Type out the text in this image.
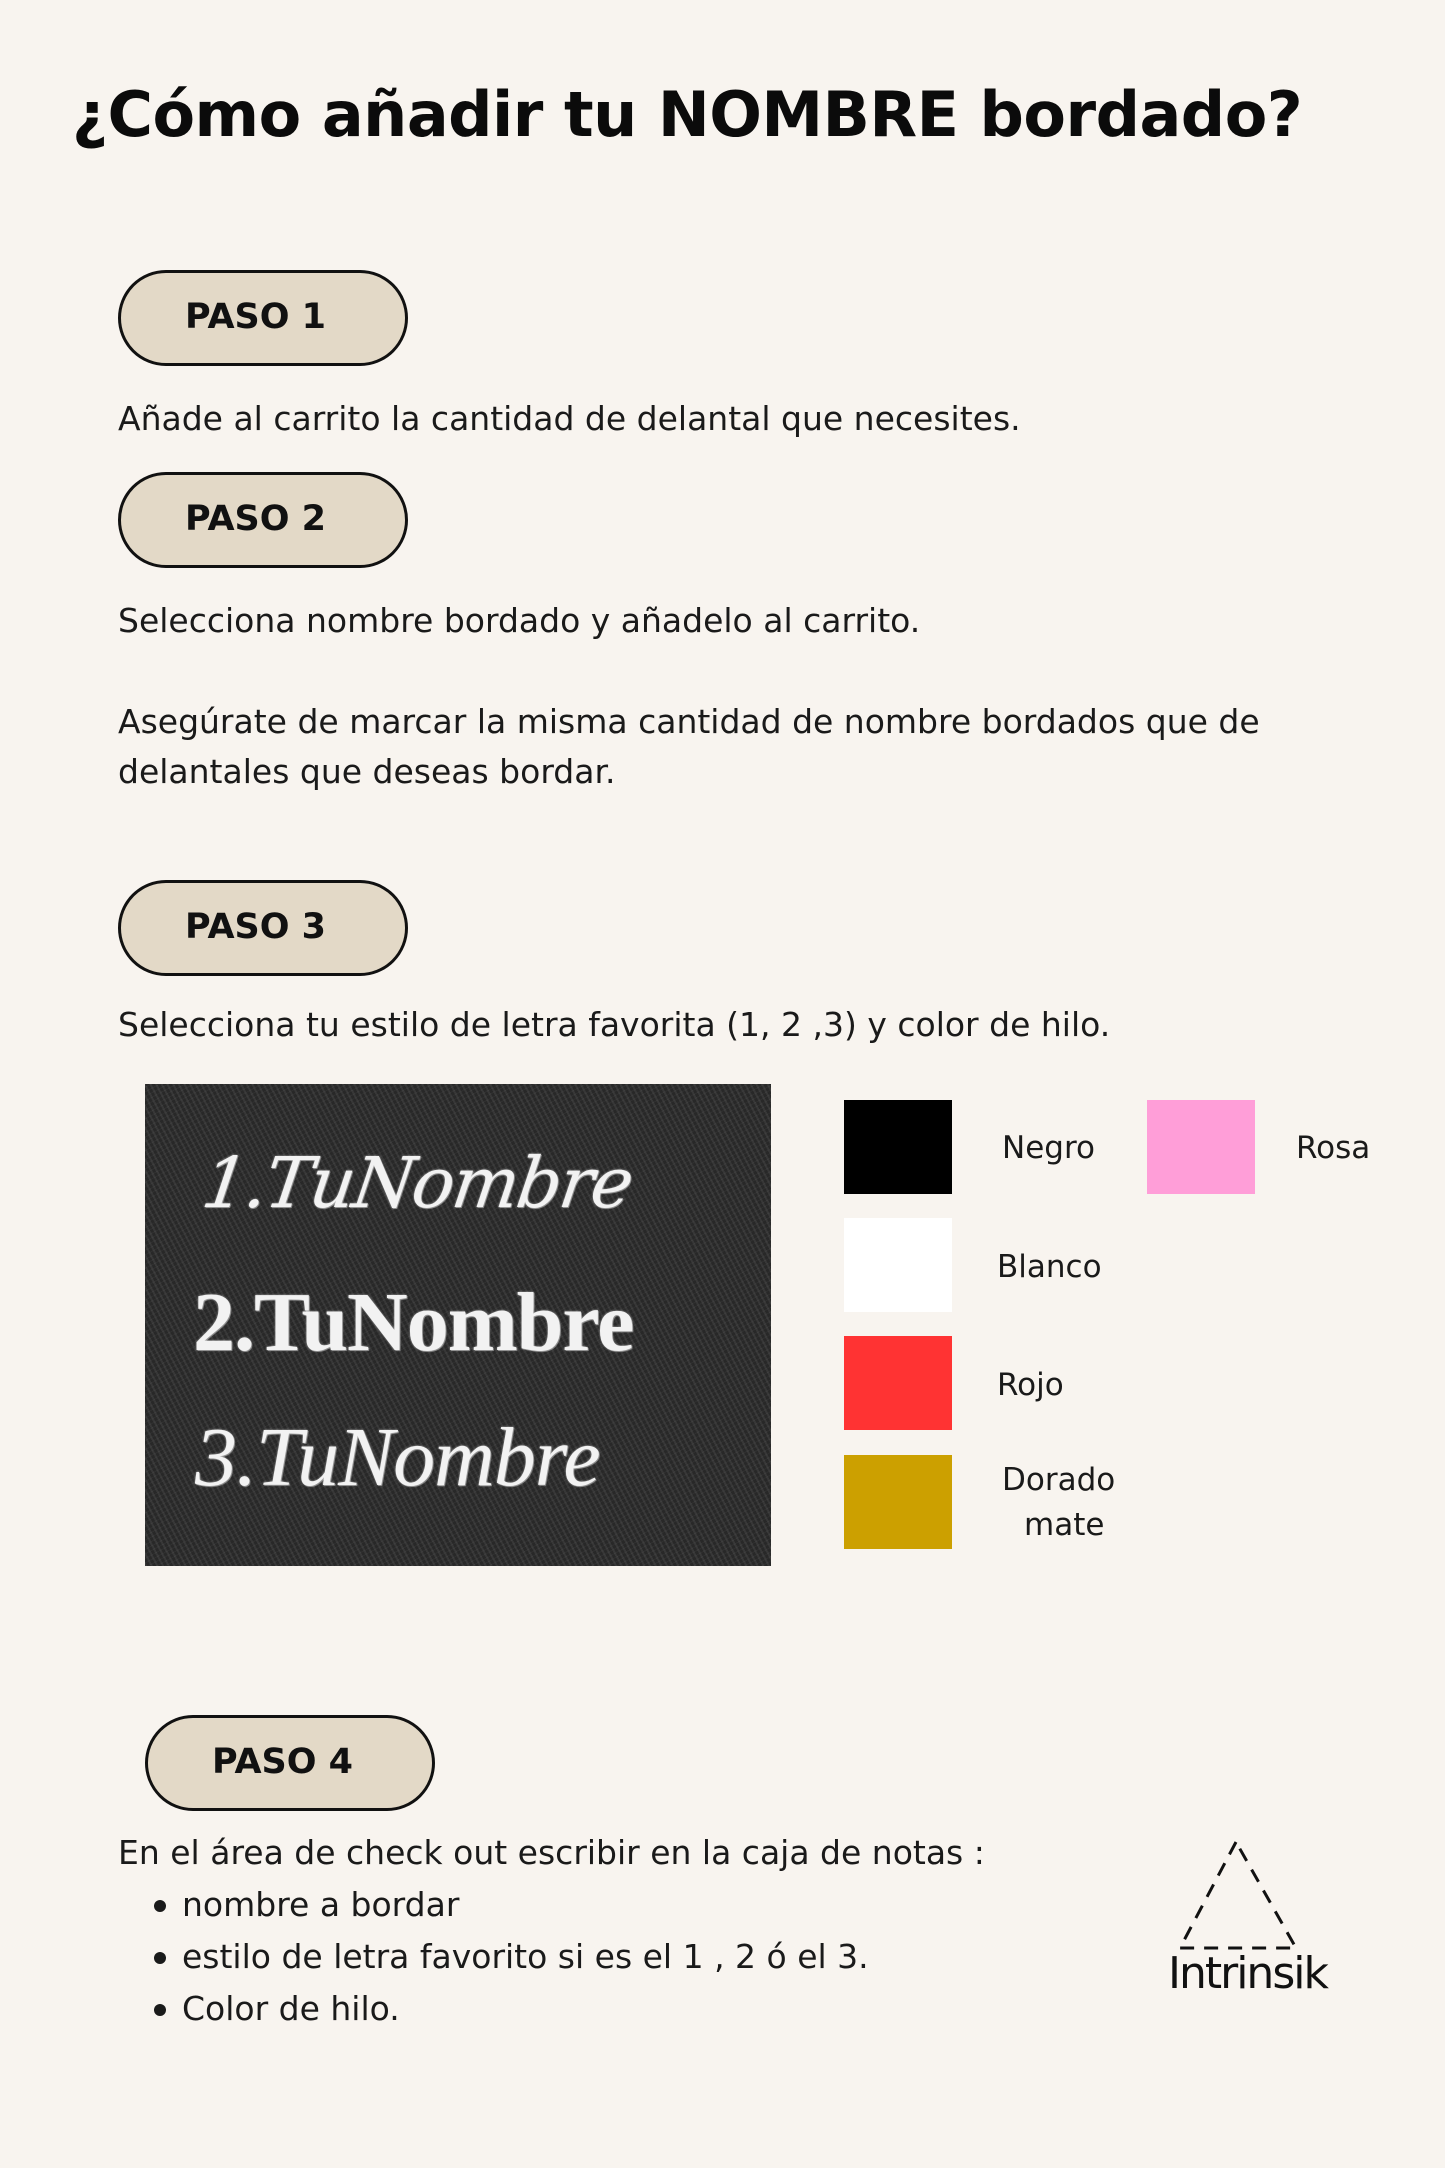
¿Cómo añadir tu NOMBRE bordado?
PASO 1
Añade al carrito la cantidad de delantal que necesites.
PASO 2
Selecciona nombre bordado y añadelo al carrito.
Asegúrate de marcar la misma cantidad de nombre bordados que de
delantales que deseas bordar.
PASO 3
Selecciona tu estilo de letra favorita (1, 2 ,3) y color de hilo.
1.TuNombre
2.TuNombre
3.TuNombre
Negro	Rosa
Blanco
Rojo
Dorado
mate
PASO 4
En el área de check out escribir en la caja de notas :
nombre a bordar
estilo de letra favorito si es el 1 , 2 ó el 3.
Color de hilo.
Intrinsik
